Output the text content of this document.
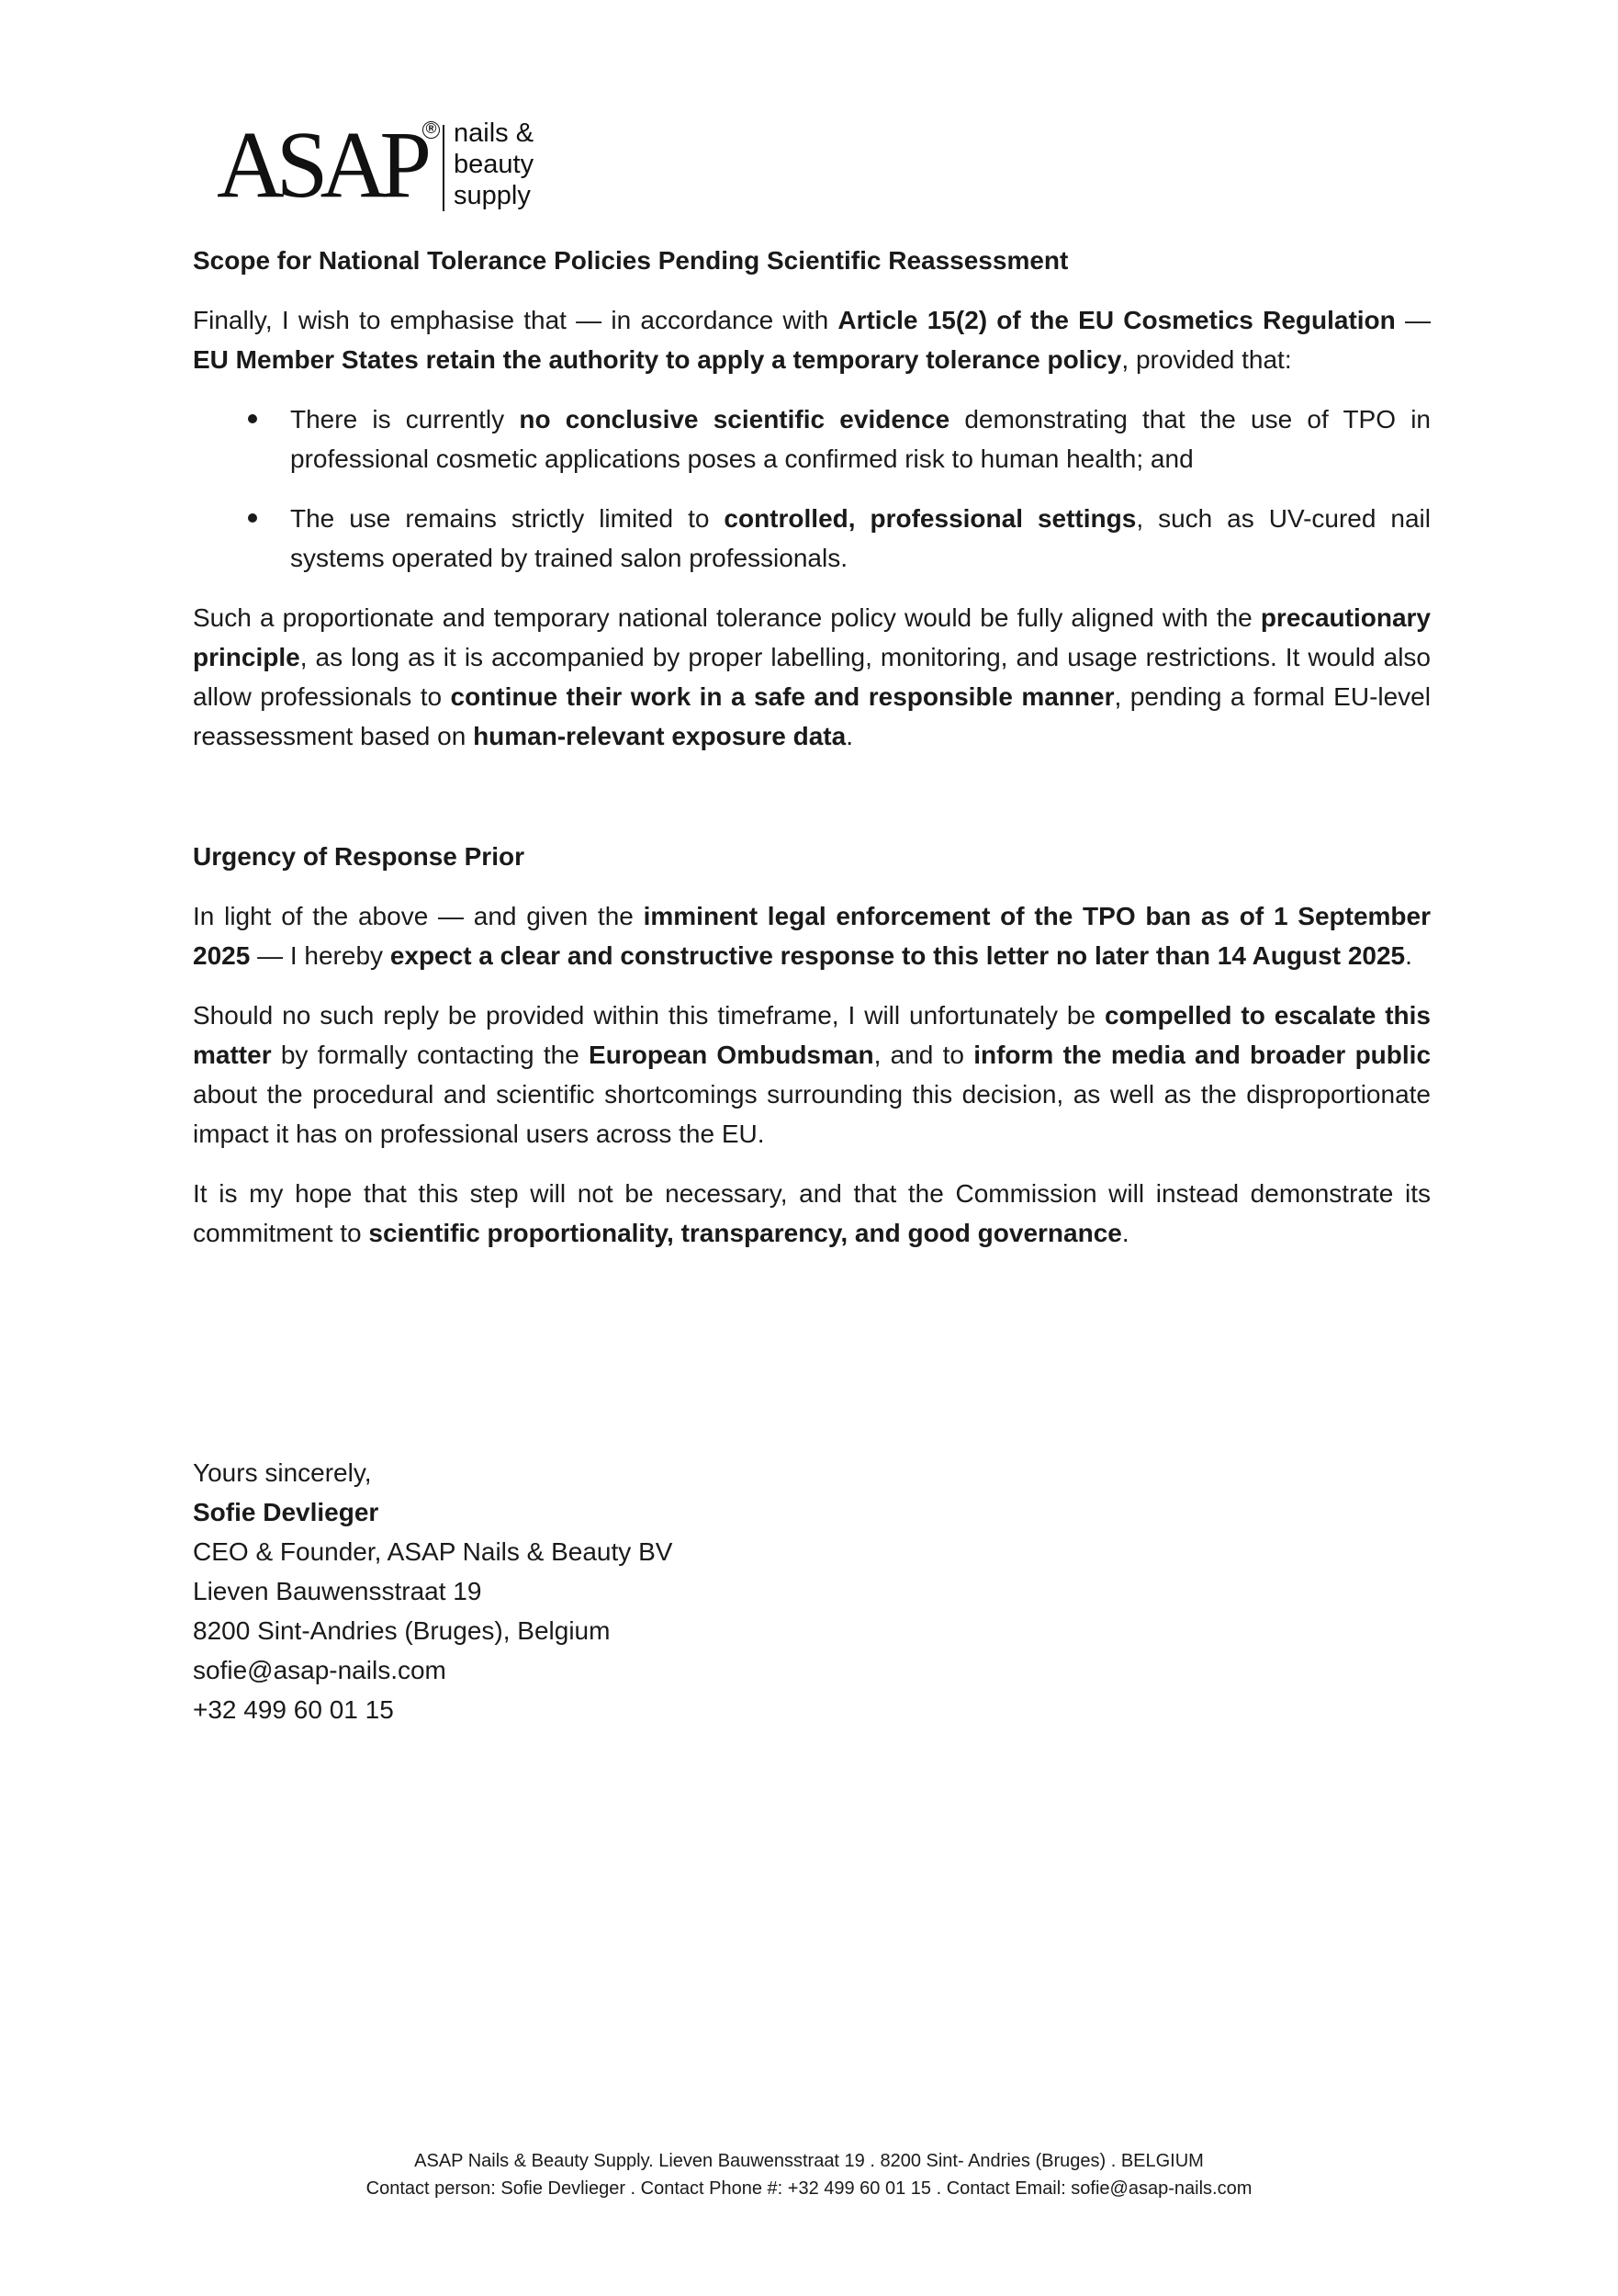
ASAP ® nails &
beauty
supply

Scope for National Tolerance Policies Pending Scientific Reassessment

Finally, I wish to emphasise that — in accordance with Article 15(2) of the EU Cosmetics Regulation — EU Member States retain the authority to apply a temporary tolerance policy, provided that:

There is currently no conclusive scientific evidence demonstrating that the use of TPO in professional cosmetic applications poses a confirmed risk to human health; and
The use remains strictly limited to controlled, professional settings, such as UV-cured nail systems operated by trained salon professionals.

Such a proportionate and temporary national tolerance policy would be fully aligned with the precautionary principle, as long as it is accompanied by proper labelling, monitoring, and usage restrictions. It would also allow professionals to continue their work in a safe and responsible manner, pending a formal EU-level reassessment based on human-relevant exposure data.

Urgency of Response Prior

In light of the above — and given the imminent legal enforcement of the TPO ban as of 1 September 2025 — I hereby expect a clear and constructive response to this letter no later than 14 August 2025.

Should no such reply be provided within this timeframe, I will unfortunately be compelled to escalate this matter by formally contacting the European Ombudsman, and to inform the media and broader public about the procedural and scientific shortcomings surrounding this decision, as well as the disproportionate impact it has on professional users across the EU.

It is my hope that this step will not be necessary, and that the Commission will instead demonstrate its commitment to scientific proportionality, transparency, and good governance.

Yours sincerely,

Sofie Devlieger

CEO & Founder, ASAP Nails & Beauty BV

Lieven Bauwensstraat 19

8200 Sint-Andries (Bruges), Belgium

sofie@asap-nails.com

+32 499 60 01 15

ASAP Nails & Beauty Supply. Lieven Bauwensstraat 19 . 8200 Sint- Andries (Bruges) . BELGIUM
Contact person: Sofie Devlieger . Contact Phone #: +32 499 60 01 15 . Contact Email: sofie@asap-nails.com
